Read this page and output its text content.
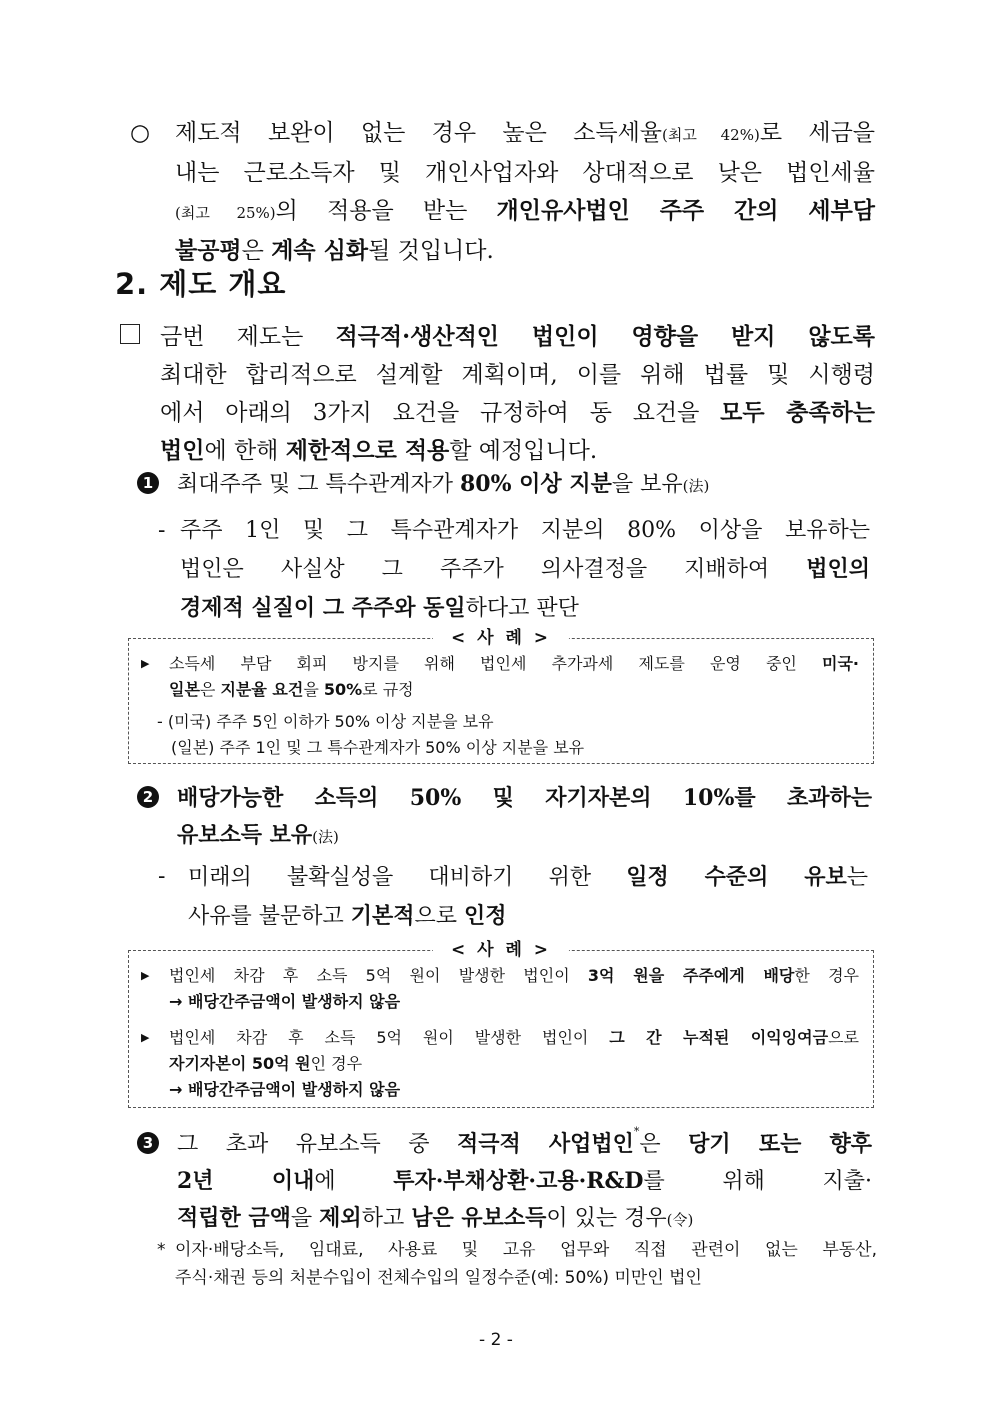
○	제도적 보완이 없는 경우 높은 소득세율(최고 42%)로 세금을
내는 근로소득자 및 개인사업자와 상대적으로 낮은 법인세율
(최고 25%)의 적용을 받는 개인유사법인 주주 간의 세부담
불공평은 계속 심화될 것입니다.
2. 제도 개요
금번 제도는 적극적·생산적인 법인이 영향을 받지 않도록
최대한 합리적으로 설계할 계획이며, 이를 위해 법률 및 시행령
에서 아래의 3가지 요건을 규정하여 동 요건을 모두 충족하는
법인에 한해 제한적으로 적용할 예정입니다.
1 최대주주 및 그 특수관계자가 80% 이상 지분을 보유(法)
- 주주 1인 및 그 특수관계자가 지분의 80% 이상을 보유하는
법인은 사실상 그 주주가 의사결정을 지배하여 법인의
경제적 실질이 그 주주와 동일하다고 판단
< 사 례 >
▶ 소득세 부담 회피 방지를 위해 법인세 추가과세 제도를 운영 중인 미국·
일본은 지분율 요건을 50%로 규정
- (미국) 주주 5인 이하가 50% 이상 지분을 보유
(일본) 주주 1인 및 그 특수관계자가 50% 이상 지분을 보유
2 배당가능한 소득의 50% 및 자기자본의 10%를 초과하는
유보소득 보유(法)
- 미래의 불확실성을 대비하기 위한 일정 수준의 유보는
사유를 불문하고 기본적으로 인정
< 사 례 >
▶ 법인세 차감 후 소득 5억 원이 발생한 법인이 3억 원을 주주에게 배당한 경우
→ 배당간주금액이 발생하지 않음
▶ 법인세 차감 후 소득 5억 원이 발생한 법인이 그 간 누적된 이익잉여금으로
자기자본이 50억 원인 경우
→ 배당간주금액이 발생하지 않음
3 그 초과 유보소득 중 적극적 사업법인*은 당기 또는 향후
2년 이내에 투자·부채상환·고용·R&D를 위해 지출·
적립한 금액을 제외하고 남은 유보소득이 있는 경우(令)
* 이자·배당소득, 임대료, 사용료 및 고유 업무와 직접 관련이 없는 부동산,
주식·채권 등의 처분수입이 전체수입의 일정수준(예: 50%) 미만인 법인
- 2 -
